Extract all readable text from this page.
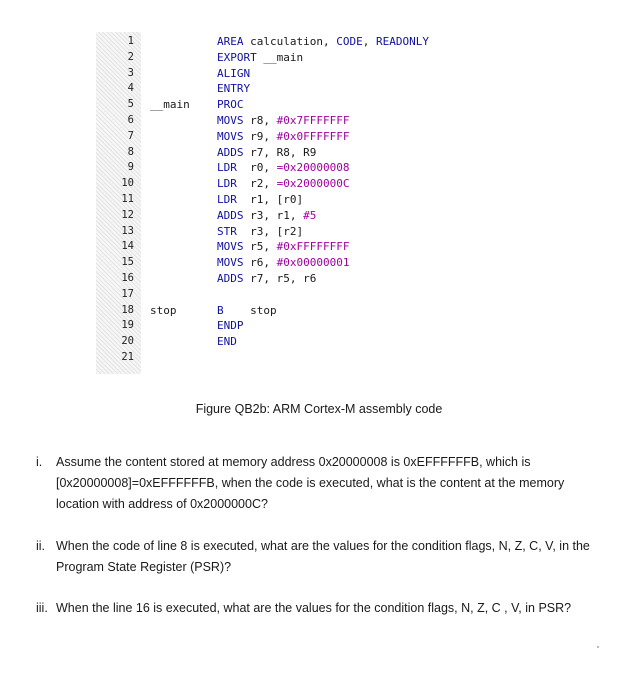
1
2
3
4
5
6
7
8
9
10
11
12
13
14
15
16
17
18
19
20
21
AREA calculation, CODE, READONLY
EXPORT __main
ALIGN
ENTRY
__main PROC
MOVS r8, #0x7FFFFFFF
MOVS r9, #0x0FFFFFFF
ADDS r7, R8, R9
LDR r0, =0x20000008
LDR r2, =0x2000000C
LDR r1, [r0]
ADDS r3, r1, #5
STR r3, [r2]
MOVS r5, #0xFFFFFFFF
MOVS r6, #0x00000001
ADDS r7, r5, r6
stop	B stop
ENDP
END
Figure QB2b: ARM Cortex-M assembly code
i. Assume the content stored at memory address 0x20000008 is 0xEFFFFFFB, which is [0x20000008]=0xEFFFFFFB, when the code is executed, what is the content at the memory location with address of 0x2000000C?
ii. When the code of line 8 is executed, what are the values for the condition flags, N, Z, C, V, in the Program State Register (PSR)?
iii. When the line 16 is executed, what are the values for the condition flags, N, Z, C , V, in PSR?
